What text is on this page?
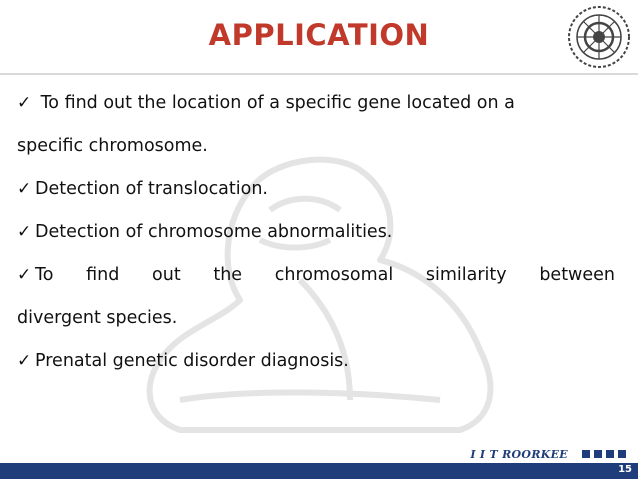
APPLICATION
✓ To find out the location of a specific gene located on a
specific chromosome.
✓ Detection of translocation.
✓ Detection of chromosome abnormalities.
✓ To find out the chromosomal similarity between
divergent species.
✓ Prenatal genetic disorder diagnosis.
I I T ROORKEE
15
